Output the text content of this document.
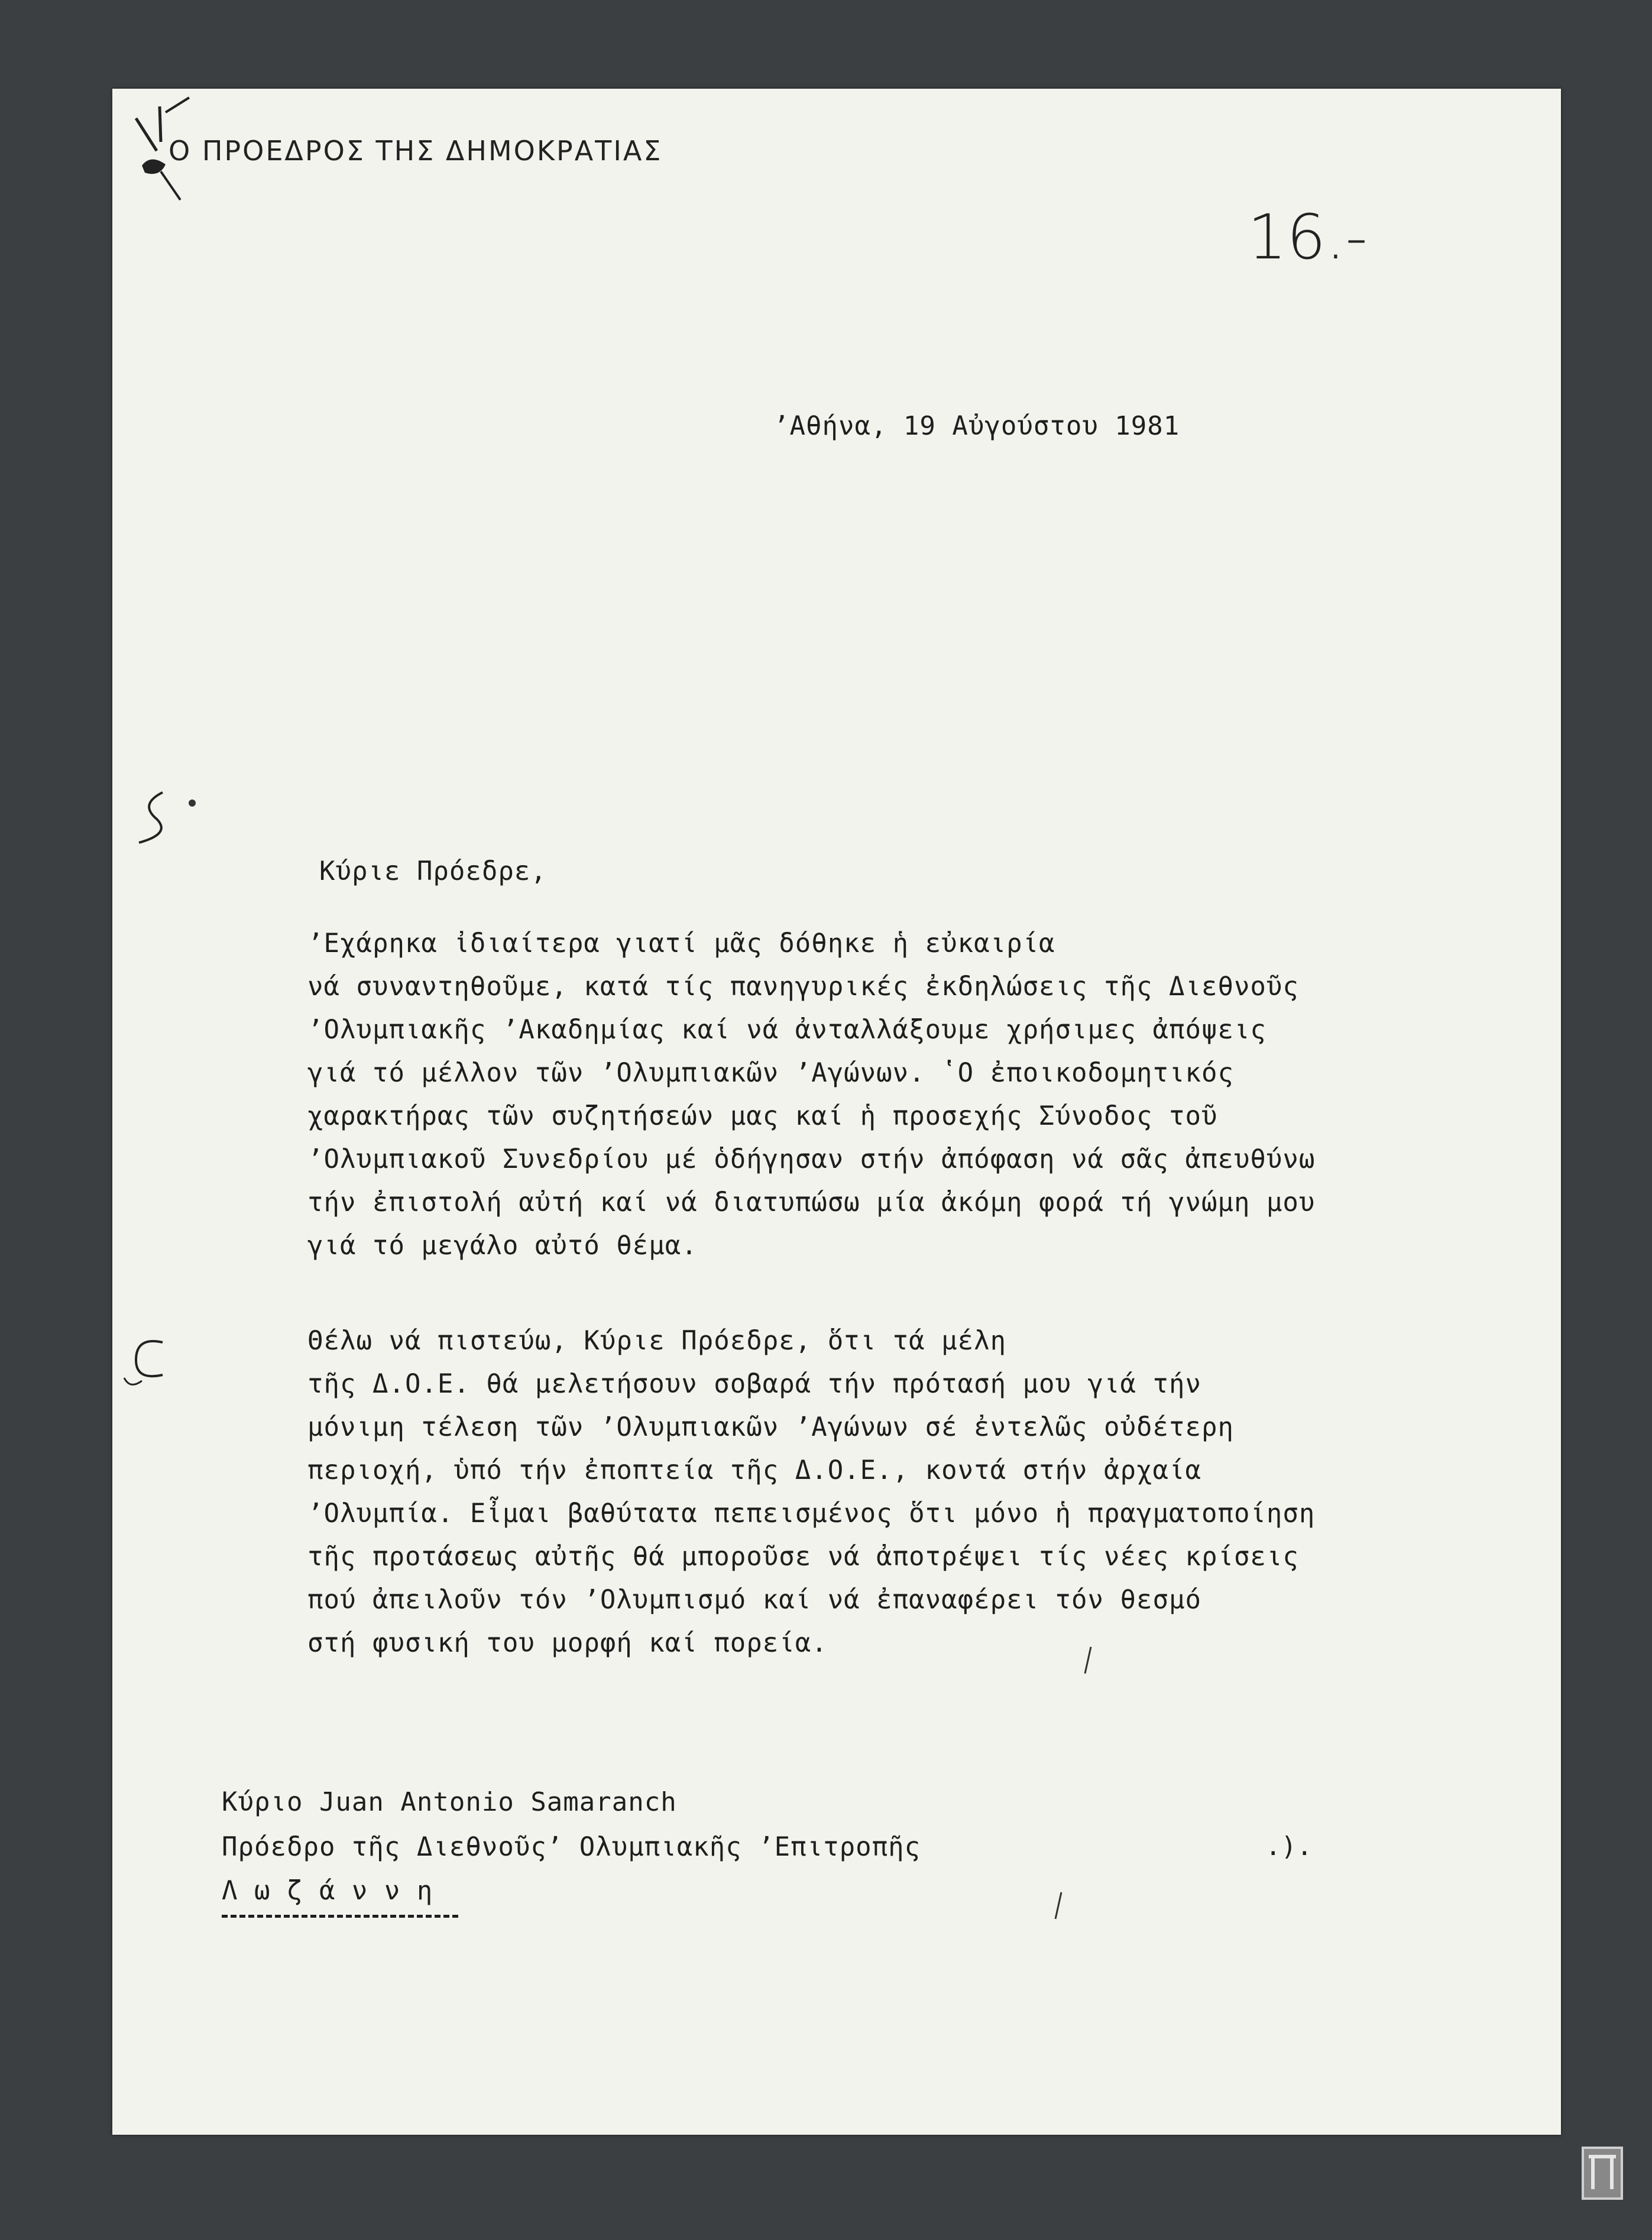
Ο ΠΡΟΕΔΡΟΣ ΤΗΣ ΔΗΜΟΚΡΑΤΙΑΣ
16.-
ʼΑθήνα, 19 Αὐγούστου 1981
Κύριε Πρόεδρε,
ʼΕχάρηκα ἰδιαίτερα γιατί μᾶς δόθηκε ἡ εὐκαιρία
νά συναντηθοῦμε, κατά τίς πανηγυρικές ἐκδηλώσεις τῆς Διεθνοῦς
ʼΟλυμπιακῆς ʼΑκαδημίας καί νά ἀνταλλάξουμε χρήσιμες ἀπόψεις
γιά τό μέλλον τῶν ʼΟλυμπιακῶν ʼΑγώνων. ʽΟ ἐποικοδομητικός
χαρακτήρας τῶν συζητήσεών μας καί ἡ προσεχής Σύνοδος τοῦ
ʼΟλυμπιακοῦ Συνεδρίου μέ ὁδήγησαν στήν ἀπόφαση νά σᾶς ἀπευθύνω
τήν ἐπιστολή αὐτή καί νά διατυπώσω μία ἀκόμη φορά τή γνώμη μου
γιά τό μεγάλο αὐτό θέμα.
Θέλω νά πιστεύω, Κύριε Πρόεδρε, ὅτι τά μέλη
τῆς Δ.Ο.Ε. θά μελετήσουν σοβαρά τήν πρότασή μου γιά τήν
μόνιμη τέλεση τῶν ʼΟλυμπιακῶν ʼΑγώνων σέ ἐντελῶς οὐδέτερη
περιοχή, ὑπό τήν ἐποπτεία τῆς Δ.Ο.Ε., κοντά στήν ἀρχαία
ʼΟλυμπία. Εἶμαι βαθύτατα πεπεισμένος ὅτι μόνο ἡ πραγματοποίηση
τῆς προτάσεως αὐτῆς θά μποροῦσε νά ἀποτρέψει τίς νέες κρίσεις
πού ἀπειλοῦν τόν ʼΟλυμπισμό καί νά ἐπαναφέρει τόν θεσμό
στή φυσική του μορφή καί πορεία.
Κύριο Juan Antonio Samaranch
Πρόεδρο τῆς Διεθνοῦςʼ Ολυμπιακῆς ʼΕπιτροπῆς
Λ ω ζ ά ν ν η
.).
